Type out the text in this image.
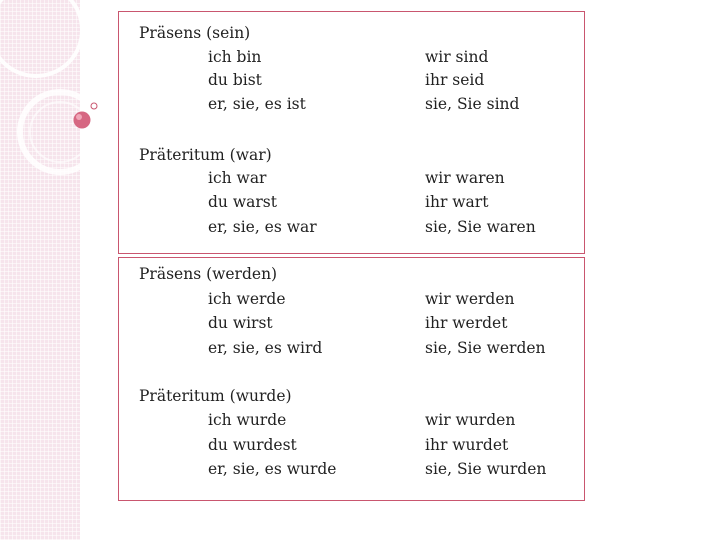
Präsens (sein)
ich bin
du bist
er, sie, es ist
wir sind
ihr seid
sie, Sie sind
Präteritum (war)
ich war
du warst
er, sie, es war
wir waren
ihr wart
sie, Sie waren
Präsens (werden)
ich werde
du wirst
er, sie, es wird
wir werden
ihr werdet
sie, Sie werden
Präteritum (wurde)
ich wurde
du wurdest
er, sie, es wurde
wir wurden
ihr wurdet
sie, Sie wurden
